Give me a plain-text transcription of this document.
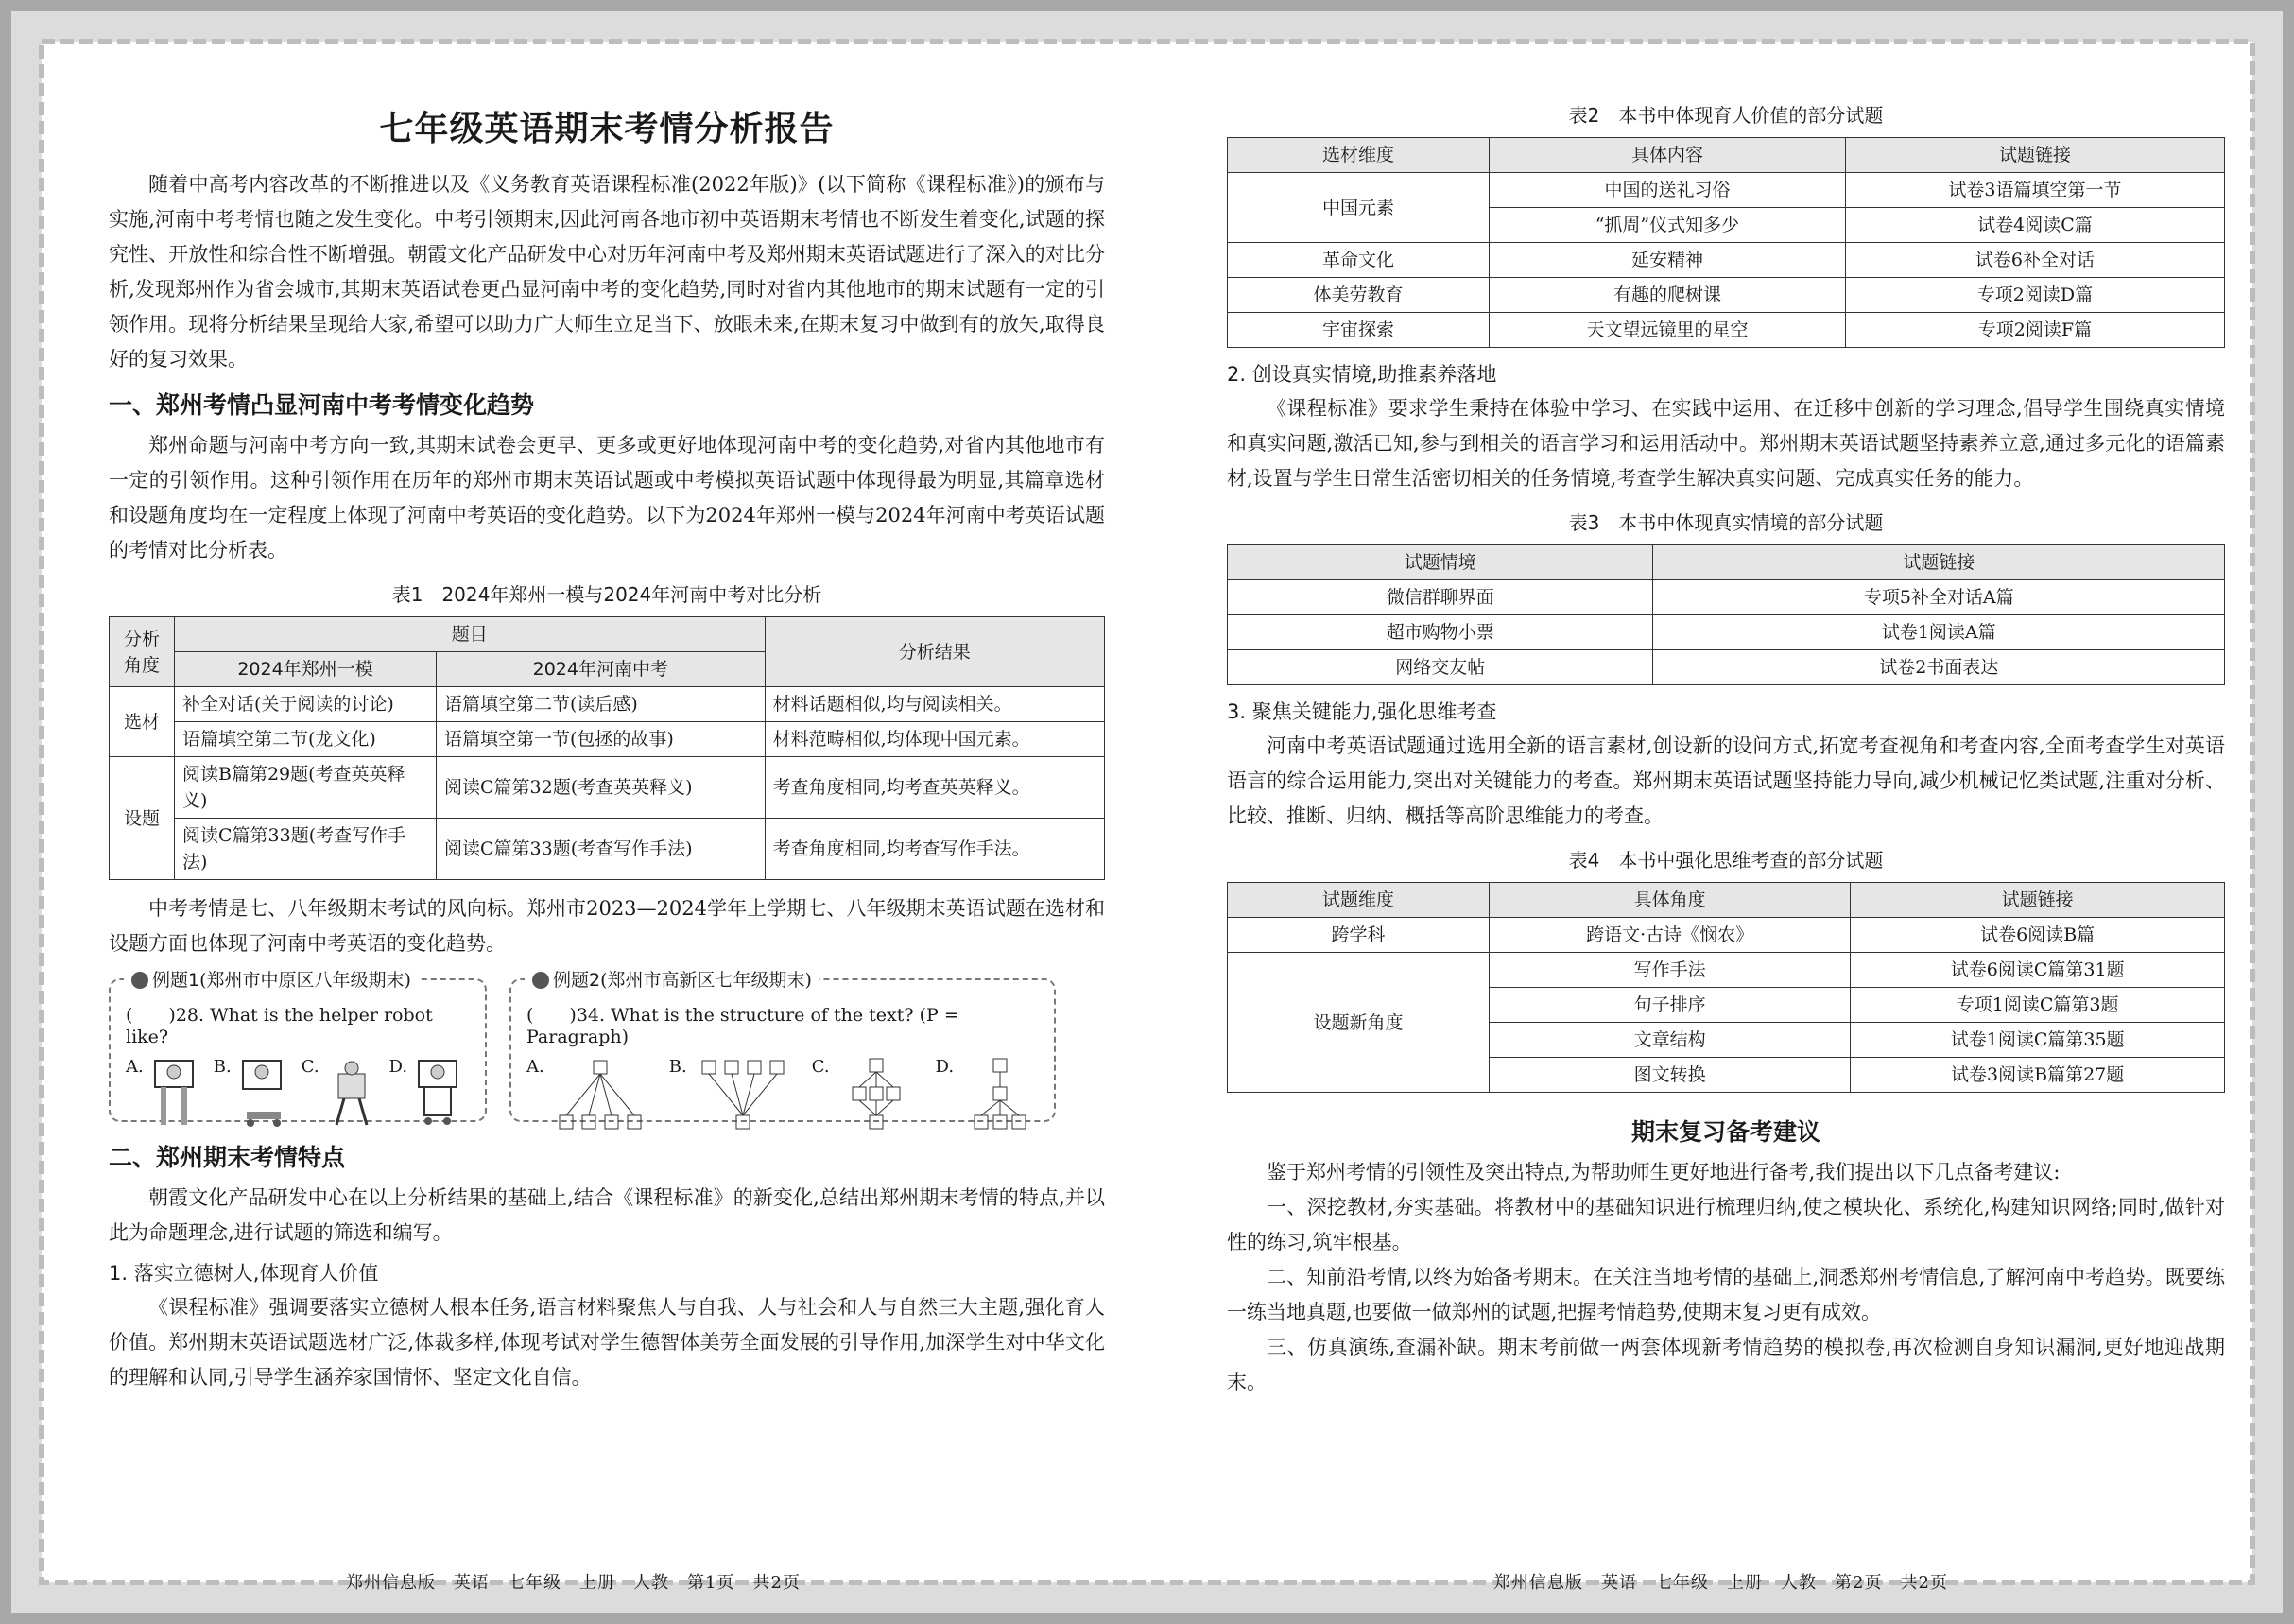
七年级英语期末考情分析报告

随着中高考内容改革的不断推进以及《义务教育英语课程标准(2022年版)》(以下简称《课程标准》)的颁布与实施,河南中考考情也随之发生变化。中考引领期末,因此河南各地市初中英语期末考情也不断发生着变化,试题的探究性、开放性和综合性不断增强。朝霞文化产品研发中心对历年河南中考及郑州期末英语试题进行了深入的对比分析,发现郑州作为省会城市,其期末英语试卷更凸显河南中考的变化趋势,同时对省内其他地市的期末试题有一定的引领作用。现将分析结果呈现给大家,希望可以助力广大师生立足当下、放眼未来,在期末复习中做到有的放矢,取得良好的复习效果。

一、郑州考情凸显河南中考考情变化趋势

郑州命题与河南中考方向一致,其期末试卷会更早、更多或更好地体现河南中考的变化趋势,对省内其他地市有一定的引领作用。这种引领作用在历年的郑州市期末英语试题或中考模拟英语试题中体现得最为明显,其篇章选材和设题角度均在一定程度上体现了河南中考英语的变化趋势。以下为2024年郑州一模与2024年河南中考英语试题的考情对比分析表。

表1　2024年郑州一模与2024年河南中考对比分析
分析角度	题目		分析结果
	2024年郑州一模	2024年河南中考	
选材	补全对话(关于阅读的讨论)	语篇填空第二节(读后感)	材料话题相似,均与阅读相关。
	语篇填空第二节(龙文化)	语篇填空第一节(包拯的故事)	材料范畴相似,均体现中国元素。
设题	阅读B篇第29题(考查英英释义)	阅读C篇第32题(考查英英释义)	考查角度相同,均考查英英释义。
	阅读C篇第33题(考查写作手法)	阅读C篇第33题(考查写作手法)	考查角度相同,均考查写作手法。

中考考情是七、八年级期末考试的风向标。郑州市2023—2024学年上学期七、八年级期末英语试题在选材和设题方面也体现了河南中考英语的变化趋势。

例题1(郑州市中原区八年级期末)
(　　)28. What is the helper robot like?
A.	B.	C.	D.
例题2(郑州市高新区七年级期末)
(　　)34. What is the structure of the text? (P = Paragraph)
A.	B.	C.	D.
二、郑州期末考情特点

朝霞文化产品研发中心在以上分析结果的基础上,结合《课程标准》的新变化,总结出郑州期末考情的特点,并以此为命题理念,进行试题的筛选和编写。

1. 落实立德树人,体现育人价值

《课程标准》强调要落实立德树人根本任务,语言材料聚焦人与自我、人与社会和人与自然三大主题,强化育人价值。郑州期末英语试题选材广泛,体裁多样,体现考试对学生德智体美劳全面发展的引导作用,加深学生对中华文化的理解和认同,引导学生涵养家国情怀、坚定文化自信。

郑州信息版　英语　七年级　上册　人教　第1页　共2页
表2　本书中体现育人价值的部分试题
选材维度	具体内容	试题链接
中国元素	中国的送礼习俗	试卷3语篇填空第一节
	“抓周”仪式知多少	试卷4阅读C篇
革命文化	延安精神	试卷6补全对话
体美劳教育	有趣的爬树课	专项2阅读D篇
宇宙探索	天文望远镜里的星空	专项2阅读F篇
2. 创设真实情境,助推素养落地

《课程标准》要求学生秉持在体验中学习、在实践中运用、在迁移中创新的学习理念,倡导学生围绕真实情境和真实问题,激活已知,参与到相关的语言学习和运用活动中。郑州期末英语试题坚持素养立意,通过多元化的语篇素材,设置与学生日常生活密切相关的任务情境,考查学生解决真实问题、完成真实任务的能力。

表3　本书中体现真实情境的部分试题
试题情境	试题链接
微信群聊界面	专项5补全对话A篇
超市购物小票	试卷1阅读A篇
网络交友帖	试卷2书面表达
3. 聚焦关键能力,强化思维考查

河南中考英语试题通过选用全新的语言素材,创设新的设问方式,拓宽考查视角和考查内容,全面考查学生对英语语言的综合运用能力,突出对关键能力的考查。郑州期末英语试题坚持能力导向,减少机械记忆类试题,注重对分析、比较、推断、归纳、概括等高阶思维能力的考查。

表4　本书中强化思维考查的部分试题
试题维度	具体角度	试题链接
跨学科	跨语文·古诗《悯农》	试卷6阅读B篇
设题新角度	写作手法	试卷6阅读C篇第31题
	句子排序	专项1阅读C篇第3题
	文章结构	试卷1阅读C篇第35题
	图文转换	试卷3阅读B篇第27题
期末复习备考建议

鉴于郑州考情的引领性及突出特点,为帮助师生更好地进行备考,我们提出以下几点备考建议:

一、深挖教材,夯实基础。将教材中的基础知识进行梳理归纳,使之模块化、系统化,构建知识网络;同时,做针对性的练习,筑牢根基。

二、知前沿考情,以终为始备考期末。在关注当地考情的基础上,洞悉郑州考情信息,了解河南中考趋势。既要练一练当地真题,也要做一做郑州的试题,把握考情趋势,使期末复习更有成效。

三、仿真演练,查漏补缺。期末考前做一两套体现新考情趋势的模拟卷,再次检测自身知识漏洞,更好地迎战期末。

郑州信息版　英语　七年级　上册　人教　第2页　共2页
